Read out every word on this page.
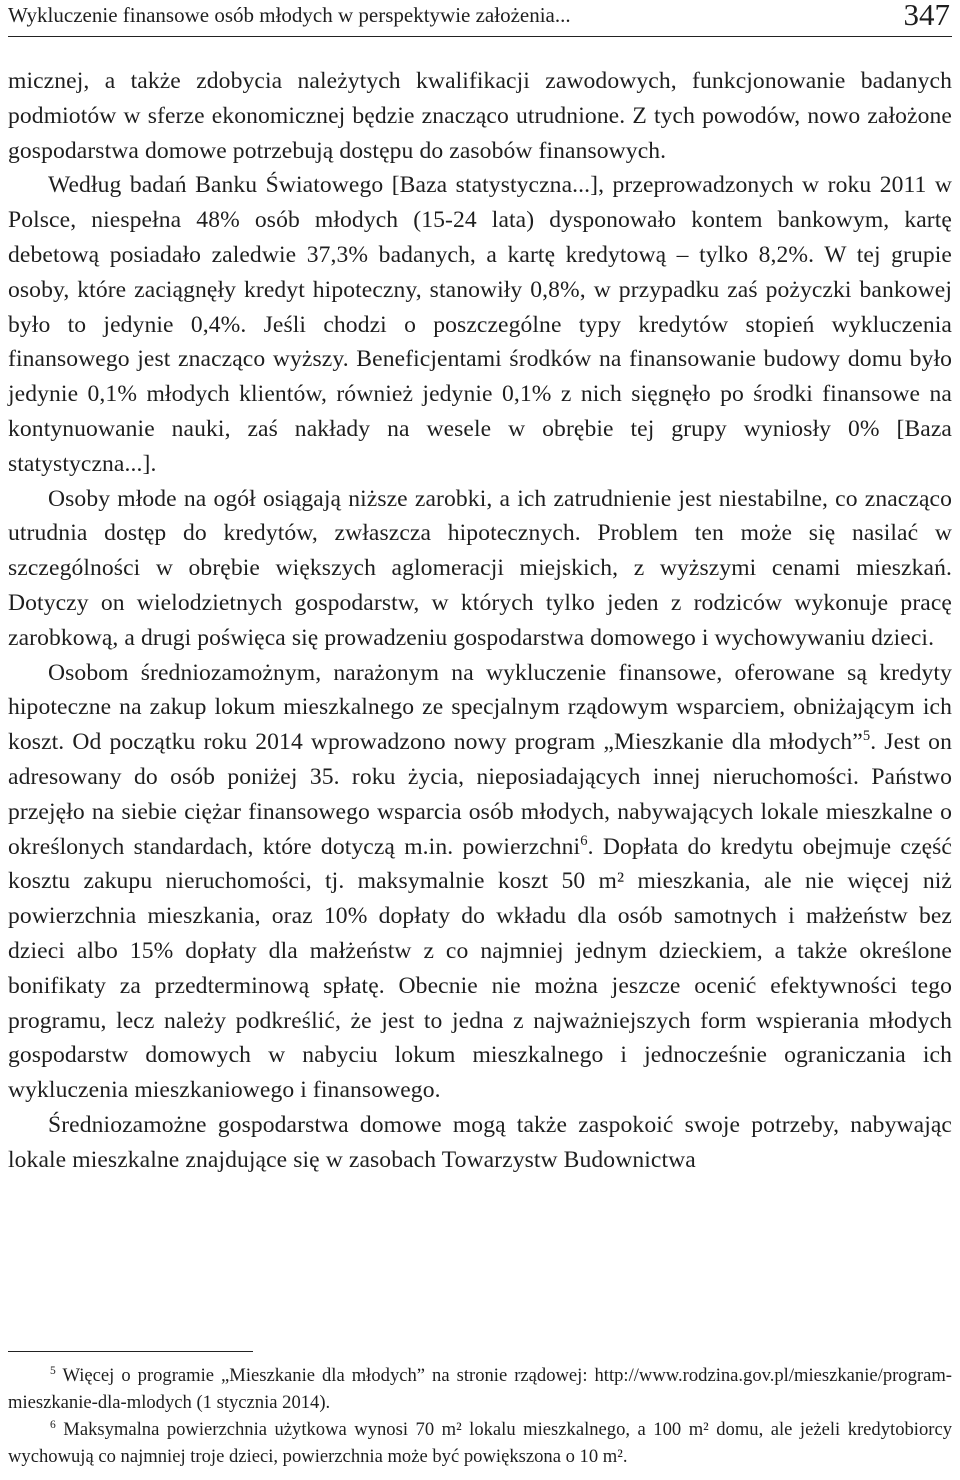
Wykluczenie finansowe osób młodych w perspektywie założenia...	347

micznej, a także zdobycia należytych kwalifikacji zawodowych, funkcjonowanie badanych podmiotów w sferze ekonomicznej będzie znacząco utrudnione. Z tych powodów, nowo założone gospodarstwa domowe potrzebują dostępu do zasobów finansowych.

Według badań Banku Światowego [Baza statystyczna...], przeprowadzonych w roku 2011 w Polsce, niespełna 48% osób młodych (15-24 lata) dysponowało kontem bankowym, kartę debetową posiadało zaledwie 37,3% badanych, a kartę kredytową – tylko 8,2%. W tej grupie osoby, które zaciągnęły kredyt hipoteczny, stanowiły 0,8%, w przypadku zaś pożyczki bankowej było to jedynie 0,4%. Jeśli chodzi o poszczególne typy kredytów stopień wykluczenia finansowego jest znacząco wyższy. Beneficjentami środków na finansowanie budowy domu było jedynie 0,1% młodych klientów, również jedynie 0,1% z nich sięgnęło po środki finansowe na kontynuowanie nauki, zaś nakłady na wesele w obrębie tej grupy wyniosły 0% [Baza statystyczna...].

Osoby młode na ogół osiągają niższe zarobki, a ich zatrudnienie jest niestabilne, co znacząco utrudnia dostęp do kredytów, zwłaszcza hipotecznych. Problem ten może się nasilać w szczególności w obrębie większych aglomeracji miejskich, z wyższymi cenami mieszkań. Dotyczy on wielodzietnych gospodarstw, w których tylko jeden z rodziców wykonuje pracę zarobkową, a drugi poświęca się prowadzeniu gospodarstwa domowego i wychowywaniu dzieci.

Osobom średniozamożnym, narażonym na wykluczenie finansowe, oferowane są kredyty hipoteczne na zakup lokum mieszkalnego ze specjalnym rządowym wsparciem, obniżającym ich koszt. Od początku roku 2014 wprowadzono nowy program „Mieszkanie dla młodych”$^5$. Jest on adresowany do osób poniżej 35. roku życia, nieposiadających innej nieruchomości. Państwo przejęło na siebie ciężar finansowego wsparcia osób młodych, nabywających lokale mieszkalne o określonych standardach, które dotyczą m.in. powierzchni$^6$. Dopłata do kredytu obejmuje część kosztu zakupu nieruchomości, tj. maksymalnie koszt 50 m² mieszkania, ale nie więcej niż powierzchnia mieszkania, oraz 10% dopłaty do wkładu dla osób samotnych i małżeństw bez dzieci albo 15% dopłaty dla małżeństw z co najmniej jednym dzieckiem, a także określone bonifikaty za przedterminową spłatę. Obecnie nie można jeszcze ocenić efektywności tego programu, lecz należy podkreślić, że jest to jedna z najważniejszych form wspierania młodych gospodarstw domowych w nabyciu lokum mieszkalnego i jednocześnie ograniczania ich wykluczenia mieszkaniowego i finansowego.

Średniozamożne gospodarstwa domowe mogą także zaspokoić swoje potrzeby, nabywając lokale mieszkalne znajdujące się w zasobach Towarzystw Budownictwa

$^5$ Więcej o programie „Mieszkanie dla młodych” na stronie rządowej: http://www.rodzina.gov.pl/mieszkanie/program-mieszkanie-dla-mlodych (1 stycznia 2014).

$^6$ Maksymalna powierzchnia użytkowa wynosi 70 m² lokalu mieszkalnego, a 100 m² domu, ale jeżeli kredytobiorcy wychowują co najmniej troje dzieci, powierzchnia może być powiększona o 10 m².
